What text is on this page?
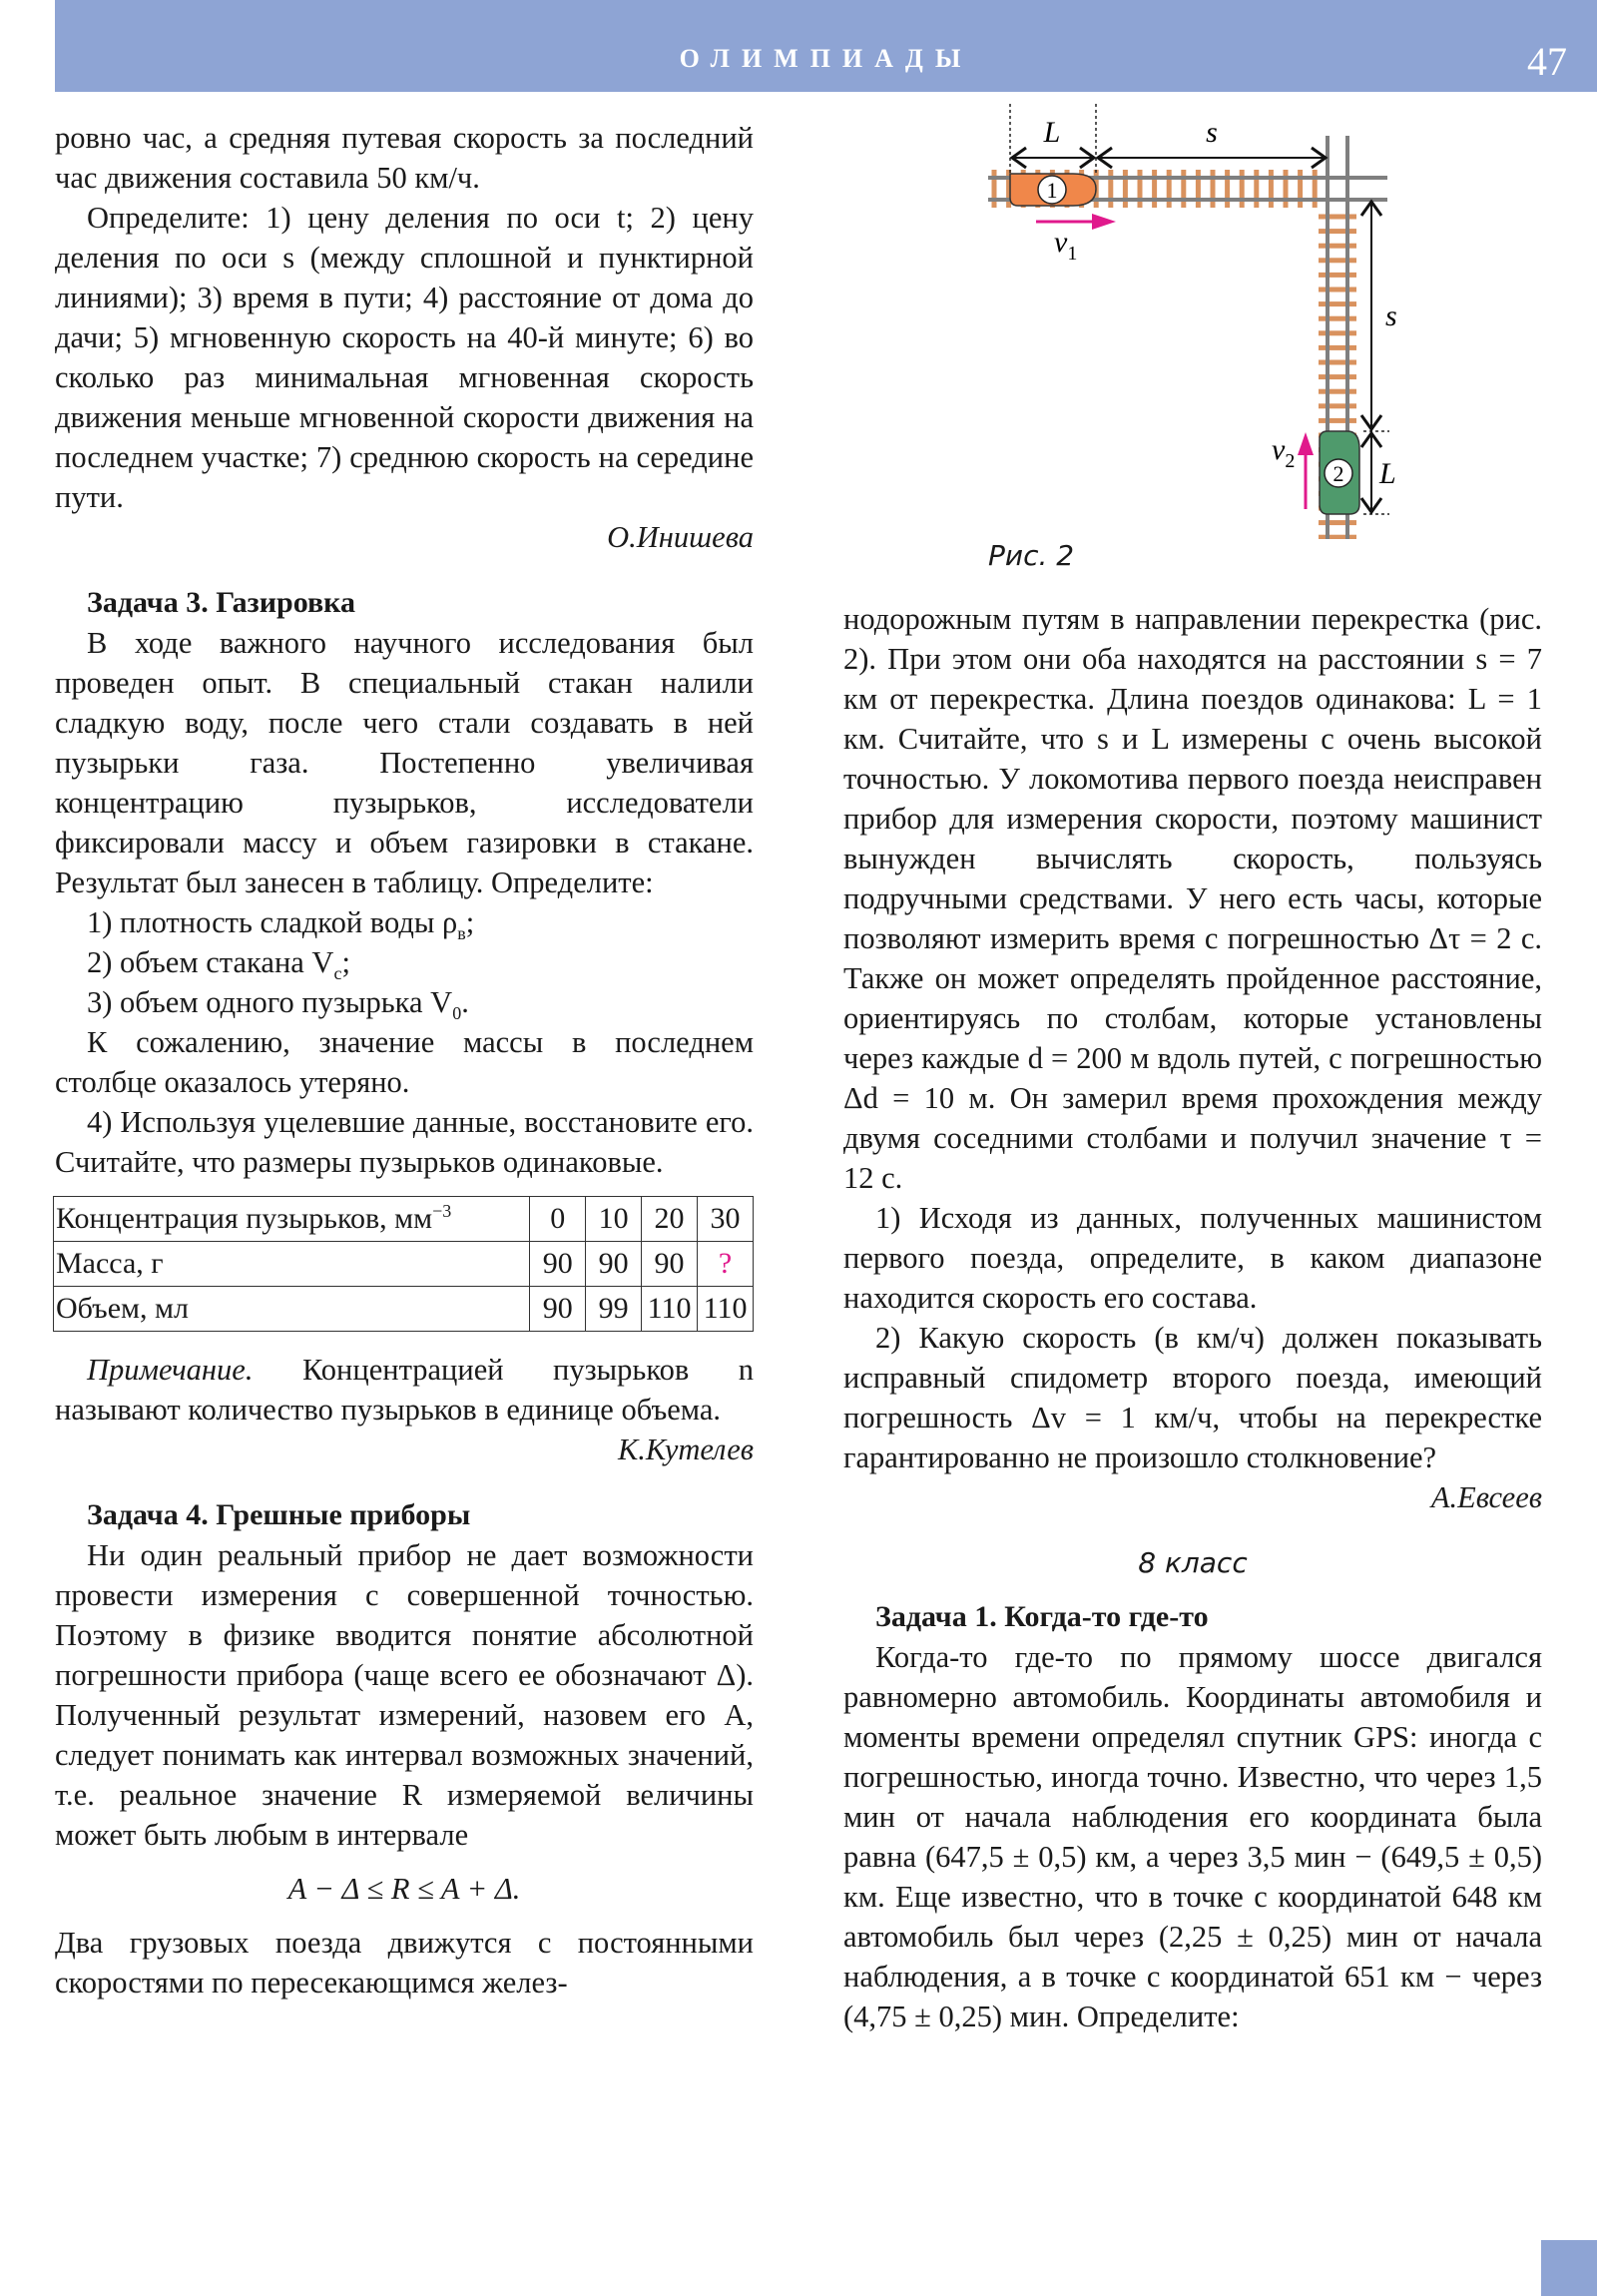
ОЛИМПИАДЫ	47

ровно час, а средняя путевая скорость за последний час движения составила 50 км/ч.

Определите: 1) цену деления по оси t; 2) цену деления по оси s (между сплошной и пунктирной линиями); 3) время в пути; 4) расстояние от дома до дачи; 5) мгновенную скорость на 40-й минуте; 6) во сколько раз минимальная мгновенная скорость движения меньше мгновенной скорости движения на последнем участке; 7) среднюю скорость на середине пути.

О.Инишева

Задача 3. Газировка

В ходе важного научного исследования был проведен опыт. В специальный стакан налили сладкую воду, после чего стали создавать в ней пузырьки газа. Постепенно увеличивая концентрацию пузырьков, исследователи фиксировали массу и объем газировки в стакане. Результат был занесен в таблицу. Определите:

1) плотность сладкой воды $\rho_в$;

2) объем стакана $V_с$;

3) объем одного пузырька $V_0$.

К сожалению, значение массы в последнем столбце оказалось утеряно.

4) Используя уцелевшие данные, восстановите его. Считайте, что размеры пузырьков одинаковые.

Концентрация пузырьков, $мм^{-3}$	0	10	20	30
Масса, г	90	90	90	?
Объем, мл	90	99	110	110

Примечание. Концентрацией пузырьков n называют количество пузырьков в единице объема.

К.Кутелев

Задача 4. Грешные приборы

Ни один реальный прибор не дает возможности провести измерения с совершенной точностью. Поэтому в физике вводится понятие абсолютной погрешности прибора (чаще всего ее обозначают Δ). Полученный результат измерений, назовем его A, следует понимать как интервал возможных значений, т.е. реальное значение R измеряемой величины может быть любым в интервале

A − Δ ≤ R ≤ A + Δ.

Два грузовых поезда движутся с постоянными скоростями по пересекающимся желез-

1
L	s
$v_1$
2
s
L
$v_2$
Рис. 2

нодорожным путям в направлении перекрестка (рис. 2). При этом они оба находятся на расстоянии s = 7 км от перекрестка. Длина поездов одинакова: L = 1 км. Считайте, что s и L измерены с очень высокой точностью. У локомотива первого поезда неисправен прибор для измерения скорости, поэтому машинист вынужден вычислять скорость, пользуясь подручными средствами. У него есть часы, которые позволяют измерить время с погрешностью Δτ = 2 с. Также он может определять пройденное расстояние, ориентируясь по столбам, которые установлены через каждые d = 200 м вдоль путей, с погрешностью Δd = 10 м. Он замерил время прохождения между двумя соседними столбами и получил значение τ = 12 с.

1) Исходя из данных, полученных машинистом первого поезда, определите, в каком диапазоне находится скорость его состава.

2) Какую скорость (в км/ч) должен показывать исправный спидометр второго поезда, имеющий погрешность Δv = 1 км/ч, чтобы на перекрестке гарантированно не произошло столкновение?

А.Евсеев

8 класс
Задача 1. Когда-то где-то

Когда-то где-то по прямому шоссе двигался равномерно автомобиль. Координаты автомобиля и моменты времени определял спутник GPS: иногда с погрешностью, иногда точно. Известно, что через 1,5 мин от начала наблюдения его координата была равна (647,5 ± 0,5) км, а через 3,5 мин − (649,5 ± 0,5) км. Еще известно, что в точке с координатой 648 км автомобиль был через (2,25 ± 0,25) мин от начала наблюдения, а в точке с координатой 651 км − через (4,75 ± 0,25) мин. Определите:
